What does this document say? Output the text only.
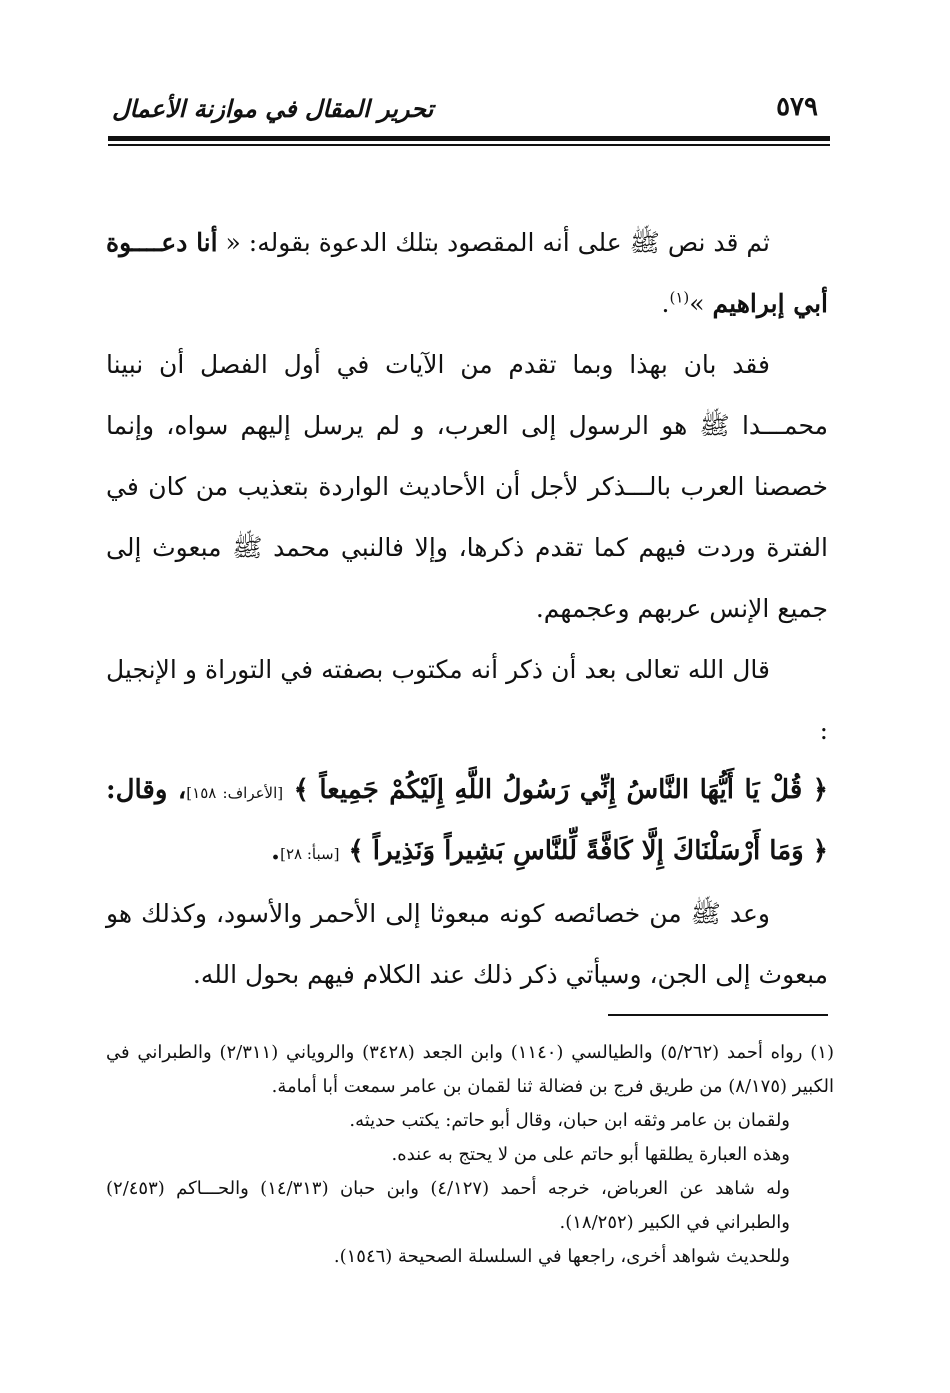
٥٧٩
تحرير المقال في موازنة الأعمال

ثم قد نص ﷺ على أنه المقصود بتلك الدعوة بقوله: « أنا دعــــوة أبي إبراهيم »$^{(١)}$.

فقد بان بهذا وبما تقدم من الآيات في أول الفصل أن نبينا محمـــدا ﷺ هو الرسول إلى العرب، و لم يرسل إليهم سواه، وإنما خصصنا العرب بالـــذكر لأجل أن الأحاديث الواردة بتعذيب من كان في الفترة وردت فيهم كما تقدم ذكرها، وإلا فالنبي محمد ﷺ مبعوث إلى جميع الإنس عربهم وعجمهم.

قال الله تعالى بعد أن ذكر أنه مكتوب بصفته في التوراة و الإنجيل :

﴿ قُلْ يَا أَيُّهَا النَّاسُ إِنِّي رَسُولُ اللَّهِ إِلَيْكُمْ جَمِيعاً ﴾ [الأعراف: ١٥٨]، وقال: ﴿ وَمَا أَرْسَلْنَاكَ إِلَّا كَافَّةً لِّلنَّاسِ بَشِيراً وَنَذِيراً ﴾ [سبأ: ٢٨].

وعد ﷺ من خصائصه كونه مبعوثا إلى الأحمر والأسود، وكذلك هو مبعوث إلى الجن، وسيأتي ذكر ذلك عند الكلام فيهم بحول الله.

(١) رواه أحمد (٥/٢٦٢) والطيالسي (١١٤٠) وابن الجعد (٣٤٢٨) والروياني (٢/٣١١) والطبراني في الكبير (٨/١٧٥) من طريق فرج بن فضالة ثنا لقمان بن عامر سمعت أبا أمامة.

ولقمان بن عامر وثقه ابن حبان، وقال أبو حاتم: يكتب حديثه.

وهذه العبارة يطلقها أبو حاتم على من لا يحتج به عنده.

وله شاهد عن العرباض، خرجه أحمد (٤/١٢٧) وابن حبان (١٤/٣١٣) والحـــاكم (٢/٤٥٣) والطبراني في الكبير (١٨/٢٥٢).

وللحديث شواهد أخرى، راجعها في السلسلة الصحيحة (١٥٤٦).
